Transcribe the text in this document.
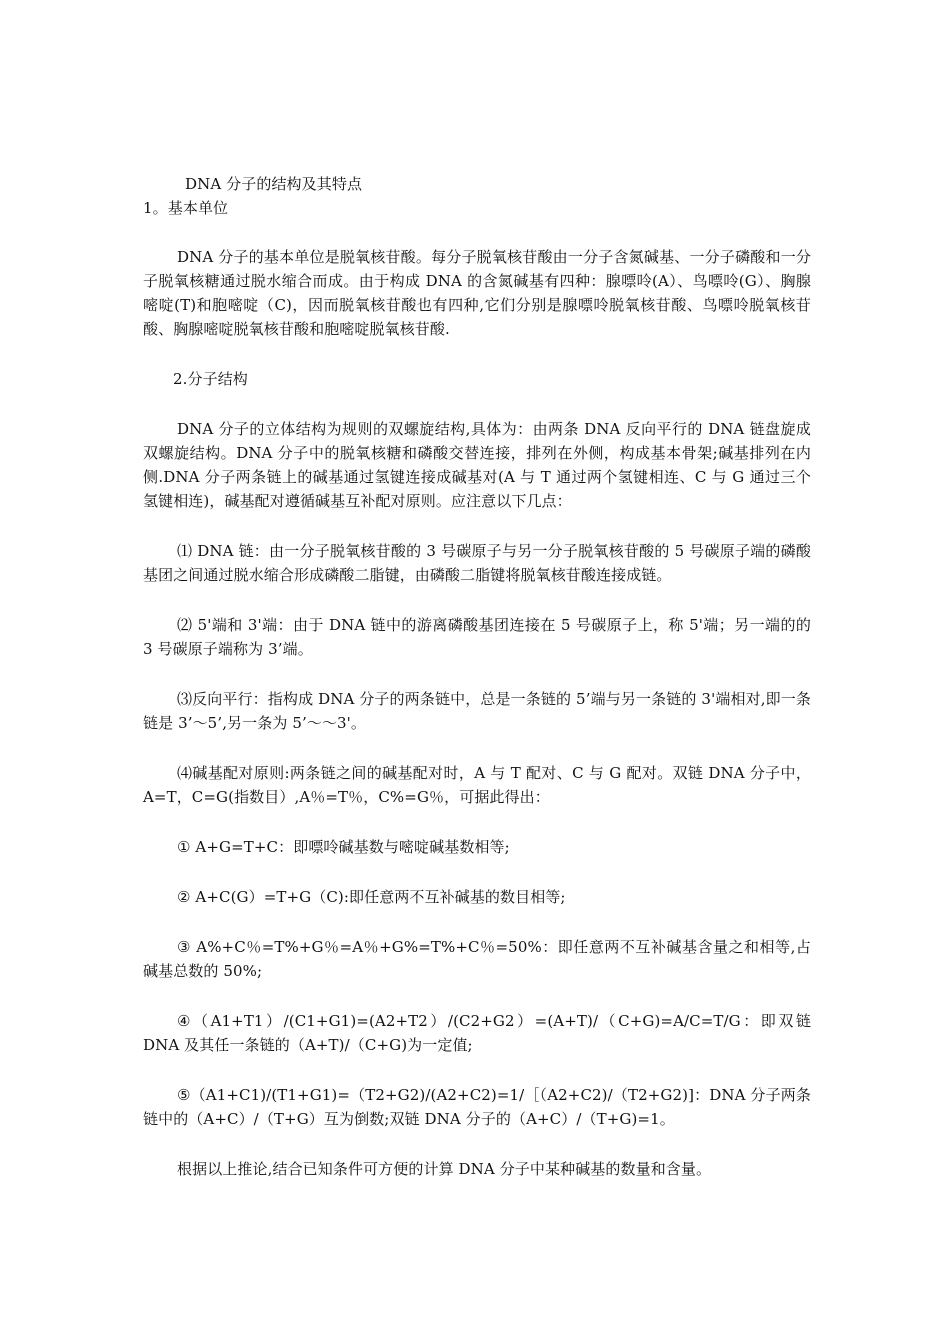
DNA 分子的结构及其特点
1。基本单位

DNA 分子的基本单位是脱氧核苷酸。每分子脱氧核苷酸由一分子含氮碱基、一分子磷酸和一分子脱氧核糖通过脱水缩合而成。由于构成 DNA 的含氮碱基有四种：腺嘌呤(A）、鸟嘌呤(G）、胸腺嘧啶(T)和胞嘧啶（C)，因而脱氧核苷酸也有四种,它们分别是腺嘌呤脱氧核苷酸、鸟嘌呤脱氧核苷酸、胸腺嘧啶脱氧核苷酸和胞嘧啶脱氧核苷酸.

2.分子结构

DNA 分子的立体结构为规则的双螺旋结构,具体为：由两条 DNA 反向平行的 DNA 链盘旋成双螺旋结构。DNA 分子中的脱氧核糖和磷酸交替连接，排列在外侧，构成基本骨架;碱基排列在内侧.DNA 分子两条链上的碱基通过氢键连接成碱基对(A 与 T 通过两个氢键相连、C 与 G 通过三个氢键相连)，碱基配对遵循碱基互补配对原则。应注意以下几点：

⑴ DNA 链：由一分子脱氧核苷酸的 3 号碳原子与另一分子脱氧核苷酸的 5 号碳原子端的磷酸基团之间通过脱水缩合形成磷酸二脂键，由磷酸二脂键将脱氧核苷酸连接成链。

⑵ 5'端和 3'端：由于 DNA 链中的游离磷酸基团连接在 5 号碳原子上，称 5'端；另一端的的 3 号碳原子端称为 3’端。

⑶反向平行：指构成 DNA 分子的两条链中，总是一条链的 5’端与另一条链的 3'端相对,即一条链是 3’～5’,另一条为 5’～～3'。

⑷碱基配对原则:两条链之间的碱基配对时，A 与 T 配对、C 与 G 配对。双链 DNA 分子中，A=T，C=G(指数目）,A％=T％，C%=G％，可据此得出：

① A+G=T+C：即嘌呤碱基数与嘧啶碱基数相等;

② A+C(G）=T+G（C):即任意两不互补碱基的数目相等;

③ A%+C％=T%+G％=A％+G%=T%+C％=50%：即任意两不互补碱基含量之和相等,占碱基总数的 50%;

④（A1+T1）/(C1+G1)=(A2+T2）/(C2+G2）=(A+T)/（C+G)=A/C=T/G：即双链 DNA 及其任一条链的（A+T)/（C+G)为一定值;

⑤（A1+C1)/(T1+G1)=（T2+G2)/(A2+C2)=1/［（A2+C2)/（T2+G2)]：DNA 分子两条链中的（A+C）/（T+G）互为倒数;双链 DNA 分子的（A+C）/（T+G)=1。

根据以上推论,结合已知条件可方便的计算 DNA 分子中某种碱基的数量和含量。
